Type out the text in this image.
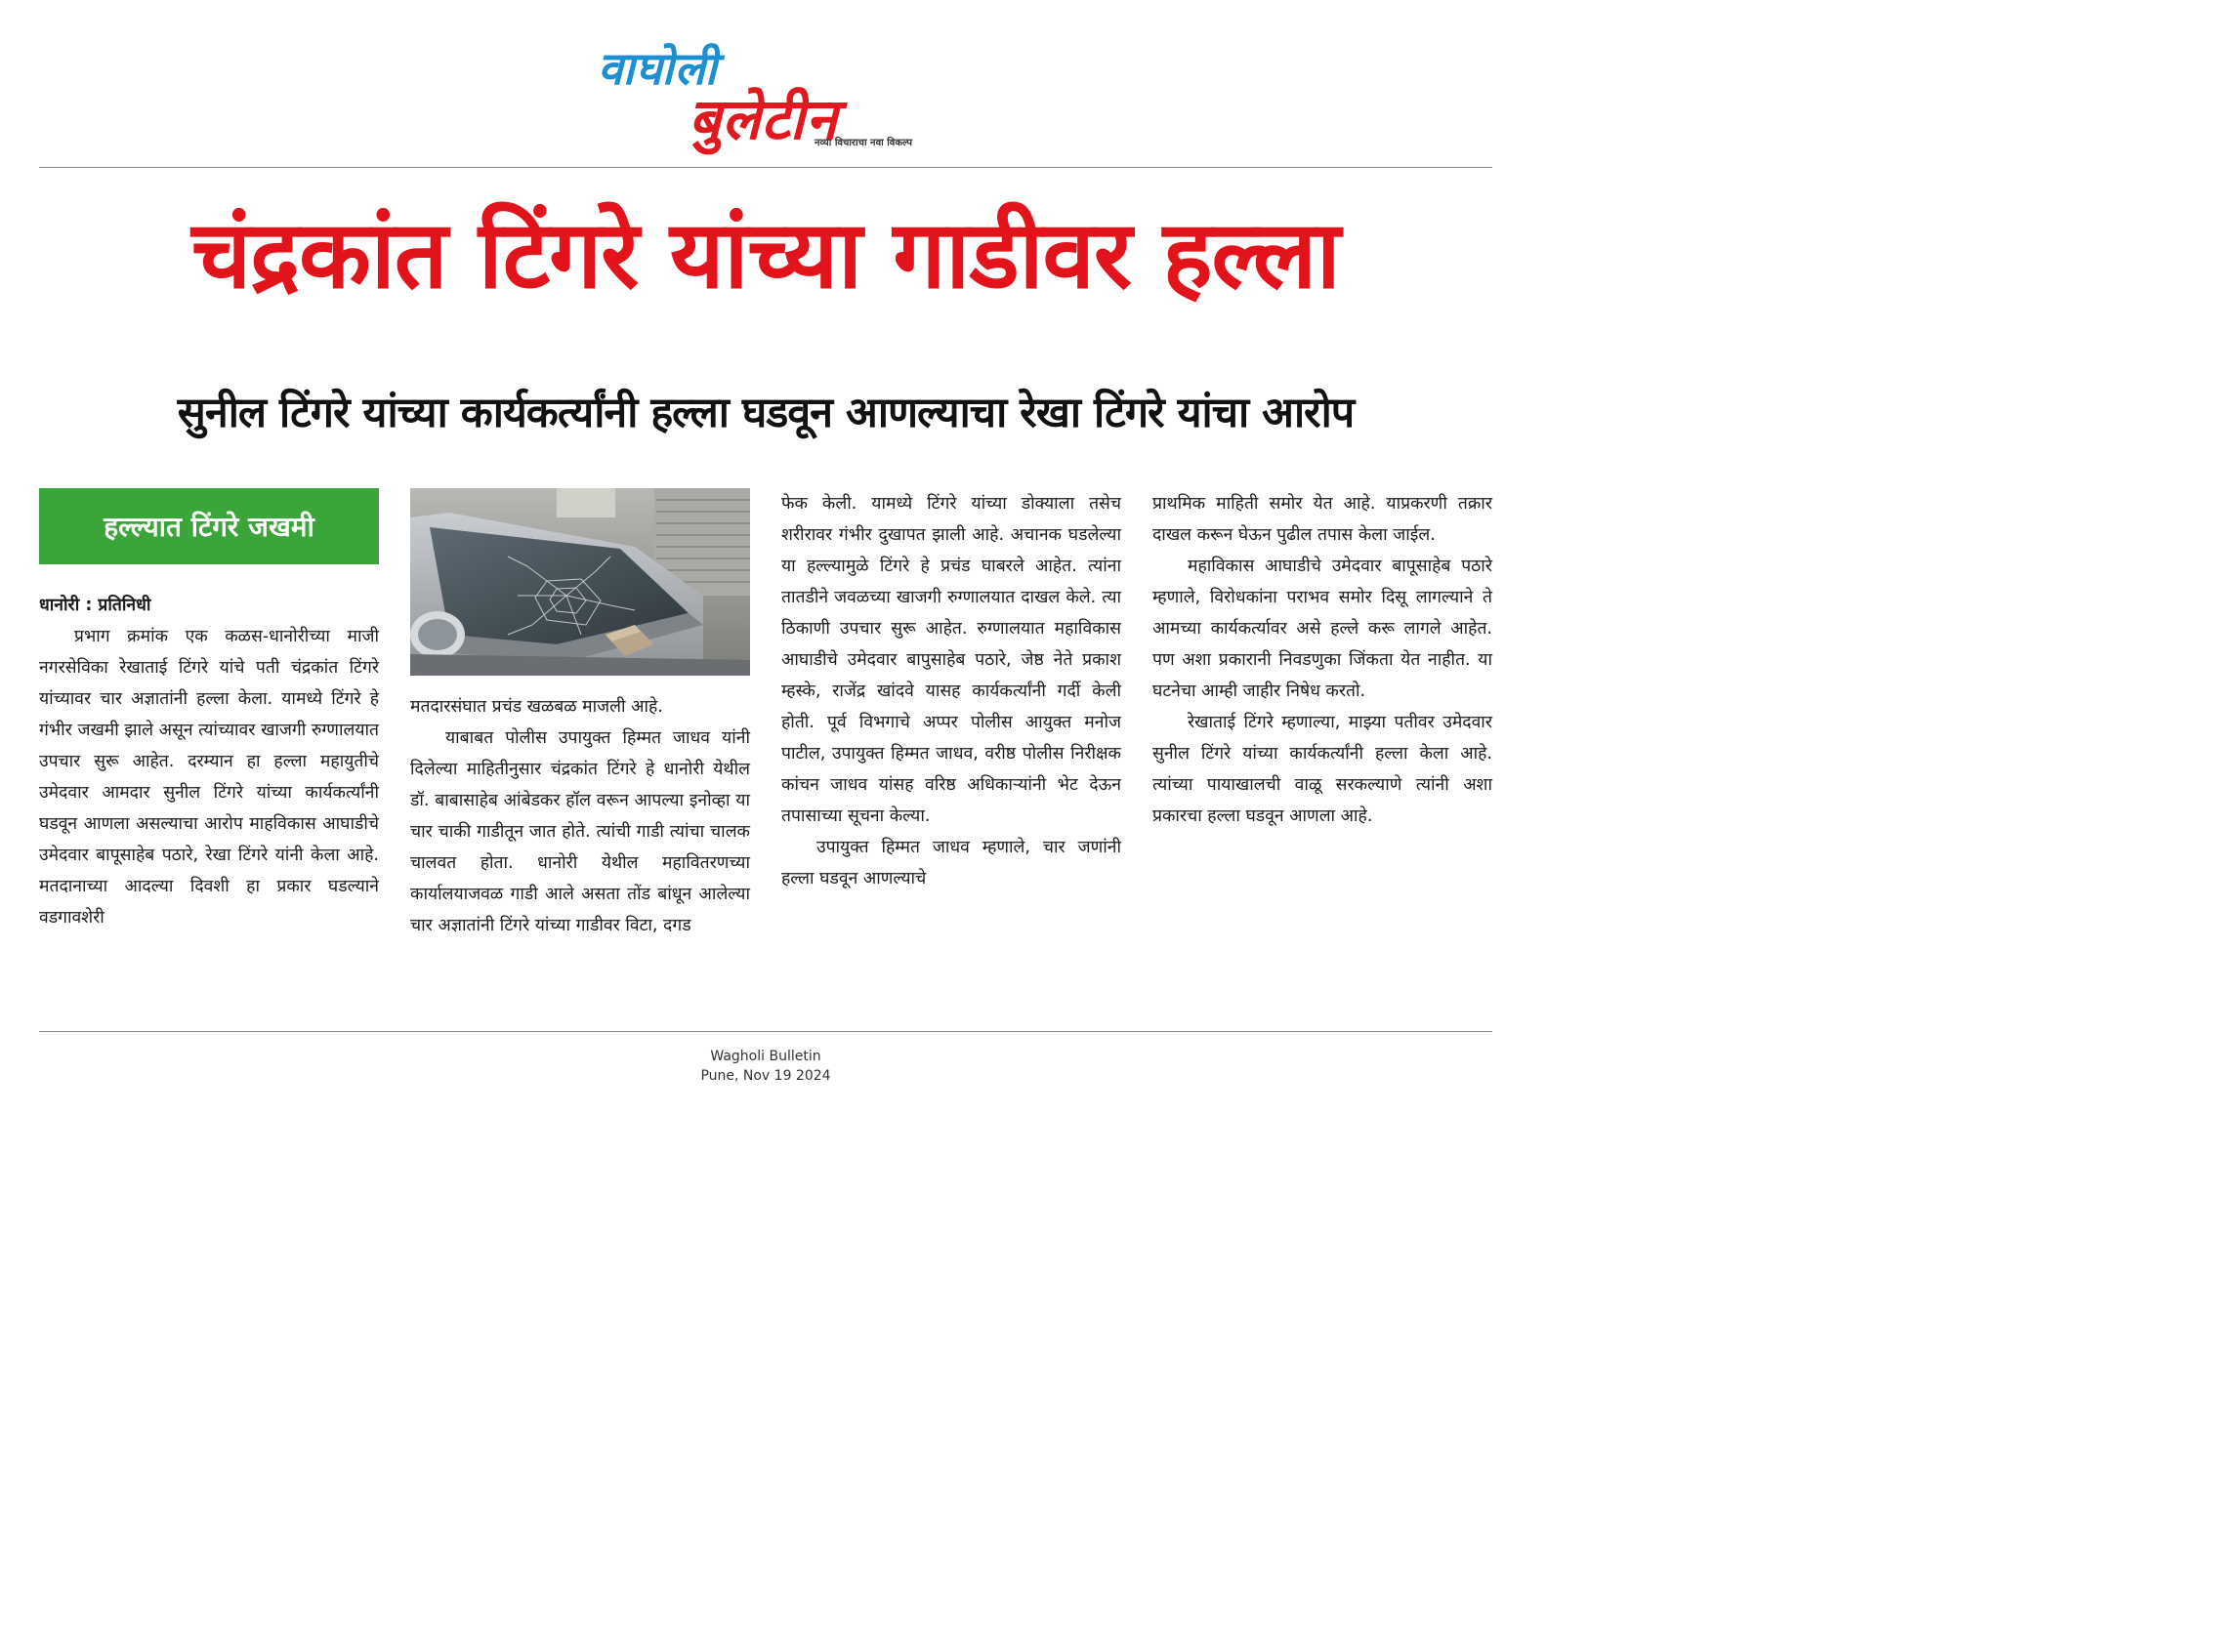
वाघोली
बुलेटीन
नव्या विचाराचा नवा विकल्प
चंद्रकांत टिंगरे यांच्या गाडीवर हल्ला
सुनील टिंगरे यांच्या कार्यकर्त्यांनी हल्ला घडवून आणल्याचा रेखा टिंगरे यांचा आरोप
हल्ल्यात टिंगरे जखमी

धानोरी : प्रतिनिधी

प्रभाग क्रमांक एक कळस-धानोरीच्या माजी नगरसेविका रेखाताई टिंगरे यांचे पती चंद्रकांत टिंगरे यांच्यावर चार अज्ञातांनी हल्ला केला. यामध्ये टिंगरे हे गंभीर जखमी झाले असून त्यांच्यावर खाजगी रुग्णालयात उपचार सुरू आहेत. दरम्यान हा हल्ला महायुतीचे उमेदवार आमदार सुनील टिंगरे यांच्या कार्यकर्त्यांनी घडवून आणला असल्याचा आरोप माहविकास आघाडीचे उमेदवार बापूसाहेब पठारे, रेखा टिंगरे यांनी केला आहे. मतदानाच्या आदल्या दिवशी हा प्रकार घडल्याने वडगावशेरी

मतदारसंघात प्रचंड खळबळ माजली आहे.

याबाबत पोलीस उपायुक्त हिम्मत जाधव यांनी दिलेल्या माहितीनुसार चंद्रकांत टिंगरे हे धानोरी येथील डॉ. बाबासाहेब आंबेडकर हॉल वरून आपल्या इनोव्हा या चार चाकी गाडीतून जात होते. त्यांची गाडी त्यांचा चालक चालवत होता. धानोरी येथील महावितरणच्या कार्यालयाजवळ गाडी आले असता तोंड बांधून आलेल्या चार अज्ञातांनी टिंगरे यांच्या गाडीवर विटा, दगड

फेक केली. यामध्ये टिंगरे यांच्या डोक्याला तसेच शरीरावर गंभीर दुखापत झाली आहे. अचानक घडलेल्या या हल्ल्यामुळे टिंगरे हे प्रचंड घाबरले आहेत. त्यांना तातडीने जवळच्या खाजगी रुग्णालयात दाखल केले. त्या ठिकाणी उपचार सुरू आहेत. रुग्णालयात महाविकास आघाडीचे उमेदवार बापुसाहेब पठारे, जेष्ठ नेते प्रकाश म्हस्के, राजेंद्र खांदवे यासह कार्यकर्त्यांनी गर्दी केली होती. पूर्व विभगाचे अप्पर पोलीस आयुक्त मनोज पाटील, उपायुक्त हिम्मत जाधव, वरीष्ठ पोलीस निरीक्षक कांचन जाधव यांसह वरिष्ठ अधिकाऱ्यांनी भेट देऊन तपासाच्या सूचना केल्या.

उपायुक्त हिम्मत जाधव म्हणाले, चार जणांनी हल्ला घडवून आणल्याचे

प्राथमिक माहिती समोर येत आहे. याप्रकरणी तक्रार दाखल करून घेऊन पुढील तपास केला जाईल.

महाविकास आघाडीचे उमेदवार बापूसाहेब पठारे म्हणाले, विरोधकांना पराभव समोर दिसू लागल्याने ते आमच्या कार्यकर्त्यावर असे हल्ले करू लागले आहेत. पण अशा प्रकारानी निवडणुका जिंकता येत नाहीत. या घटनेचा आम्ही जाहीर निषेध करतो.

रेखाताई टिंगरे म्हणाल्या, माझ्या पतीवर उमेदवार सुनील टिंगरे यांच्या कार्यकर्त्यांनी हल्ला केला आहे. त्यांच्या पायाखालची वाळू सरकल्याणे त्यांनी अशा प्रकारचा हल्ला घडवून आणला आहे.

Wagholi Bulletin
Pune, Nov 19 2024
